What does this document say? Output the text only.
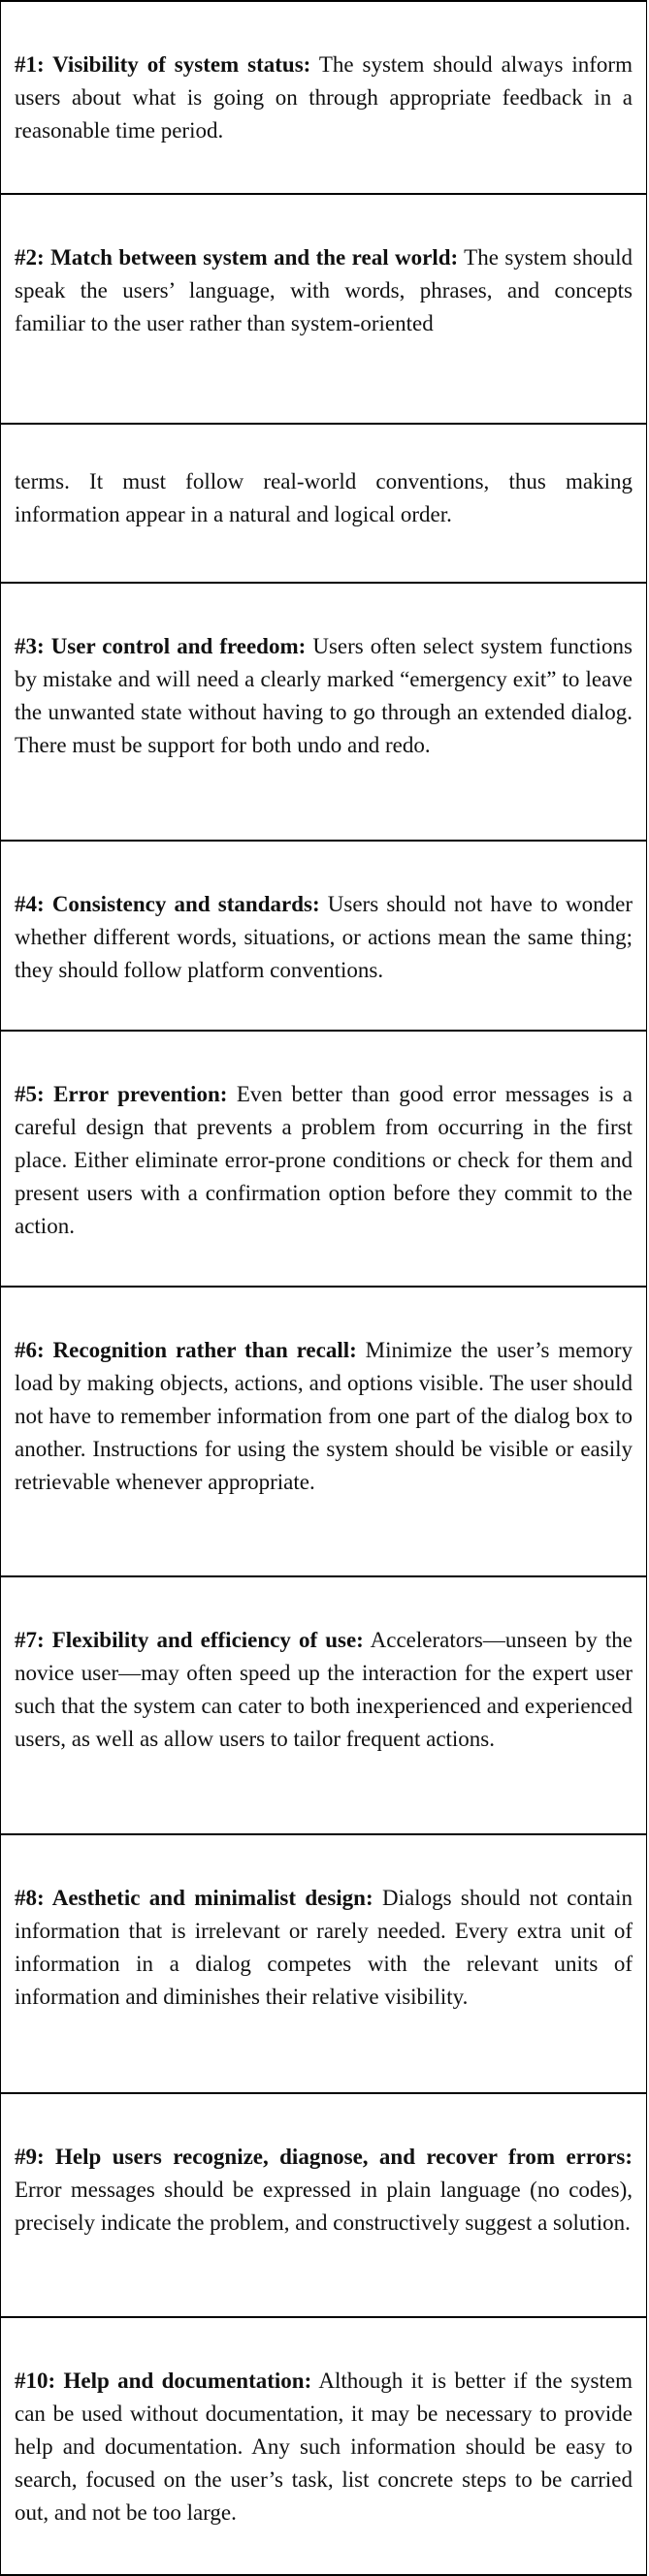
#1: Visibility of system status: The system should always inform users about what is going on through appropriate feedback in a reasonable time period.
#2: Match between system and the real world: The system should speak the users’ language, with words, phrases, and concepts familiar to the user rather than system-oriented
terms. It must follow real-world conventions, thus making information appear in a natural and logical order.
#3: User control and freedom: Users often select system functions by mistake and will need a clearly marked “emergency exit” to leave the unwanted state without having to go through an extended dialog. There must be support for both undo and redo.
#4: Consistency and standards: Users should not have to wonder whether different words, situations, or actions mean the same thing; they should follow platform conventions.
#5: Error prevention: Even better than good error messages is a careful design that prevents a problem from occurring in the first place. Either eliminate error-prone conditions or check for them and present users with a confirmation option before they commit to the action.
#6: Recognition rather than recall: Minimize the user’s memory load by making objects, actions, and options visible. The user should not have to remember information from one part of the dialog box to another. Instructions for using the system should be visible or easily retrievable whenever appropriate.
#7: Flexibility and efficiency of use: Accelerators—unseen by the novice user—may often speed up the interaction for the expert user such that the system can cater to both inexperienced and experienced users, as well as allow users to tailor frequent actions.
#8: Aesthetic and minimalist design: Dialogs should not contain information that is irrelevant or rarely needed. Every extra unit of information in a dialog competes with the relevant units of information and diminishes their relative visibility.
#9: Help users recognize, diagnose, and recover from errors: Error messages should be expressed in plain language (no codes), precisely indicate the problem, and constructively suggest a solution.
#10: Help and documentation: Although it is better if the system can be used without documentation, it may be necessary to provide help and documentation. Any such information should be easy to search, focused on the user’s task, list concrete steps to be carried out, and not be too large.
